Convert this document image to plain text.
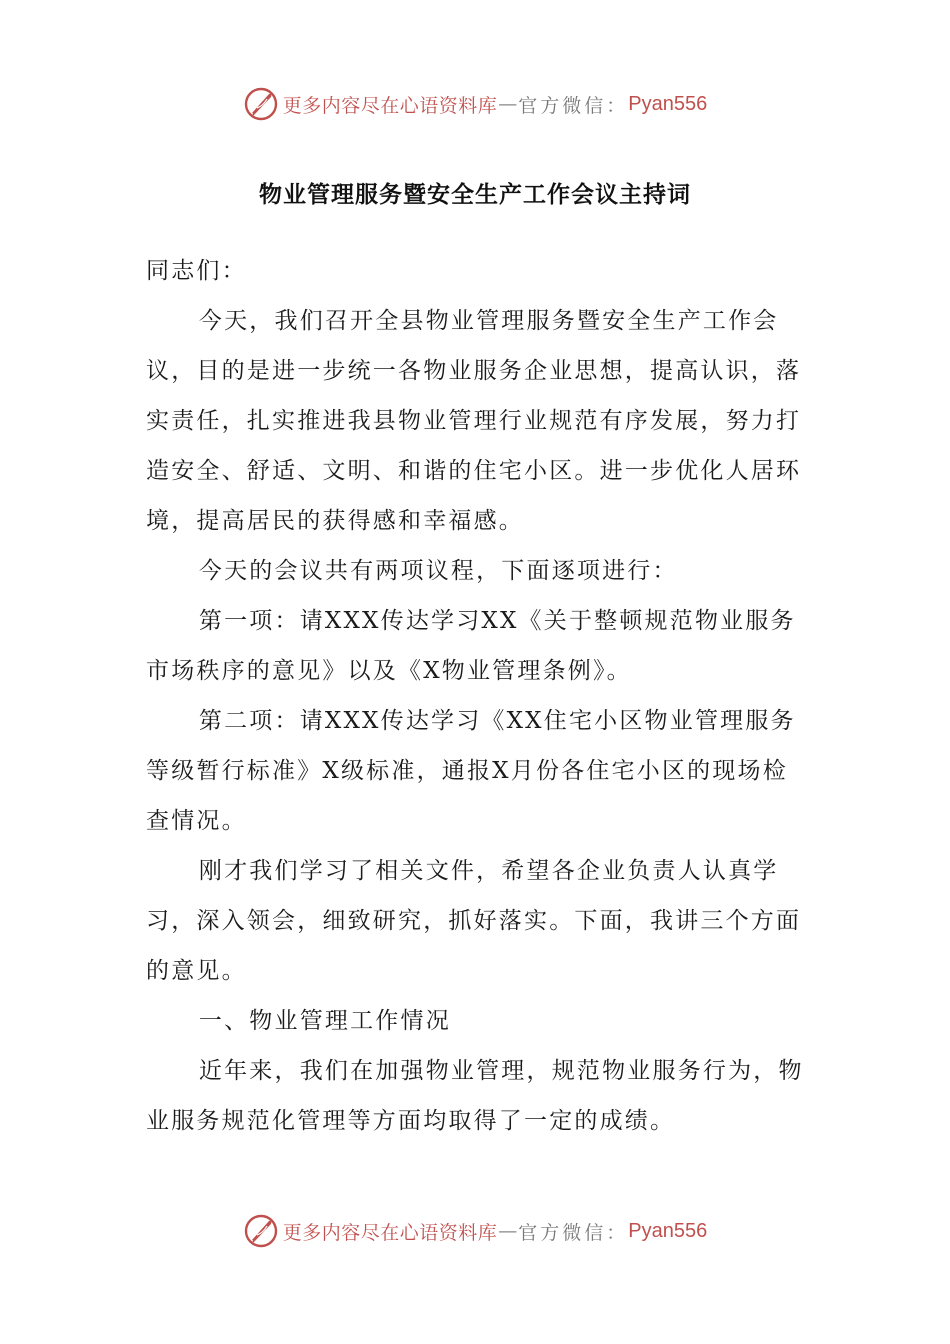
更多内容尽在心语资料库 — 官方微信： Pyan556
物业管理服务暨安全生产工作会议主持词

同志们：

今天，我们召开全县物业管理服务暨安全生产工作会议，目的是进一步统一各物业服务企业思想，提高认识，落实责任，扎实推进我县物业管理行业规范有序发展，努力打造安全、舒适、文明、和谐的住宅小区。进一步优化人居环境，提高居民的获得感和幸福感。

今天的会议共有两项议程，下面逐项进行：

第一项：请XXX传达学习XX《关于整顿规范物业服务市场秩序的意见》以及《X物业管理条例》。

第二项：请XXX传达学习《XX住宅小区物业管理服务等级暂行标准》X级标准，通报X月份各住宅小区的现场检查情况。

刚才我们学习了相关文件，希望各企业负责人认真学习，深入领会，细致研究，抓好落实。下面，我讲三个方面的意见。

一、物业管理工作情况

近年来，我们在加强物业管理，规范物业服务行为，物业服务规范化管理等方面均取得了一定的成绩。

更多内容尽在心语资料库 — 官方微信： Pyan556
